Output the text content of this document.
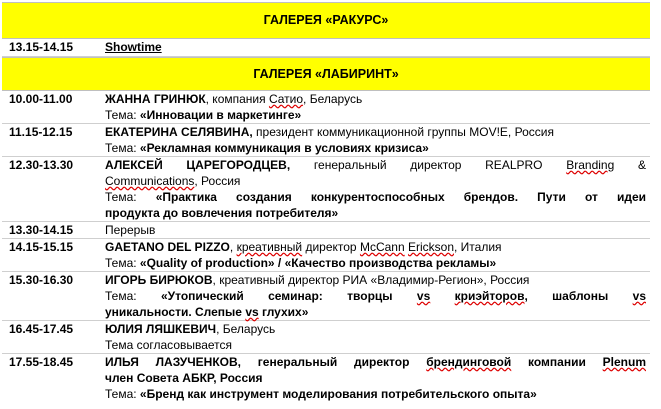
ГАЛЕРЕЯ «РАКУРС»
13.15-14.15	Showtime
ГАЛЕРЕЯ «ЛАБИРИНТ»
10.00-11.00	ЖАННА ГРИНЮК, компания Сатио, Беларусь
Тема: «Инновации в маркетинге»
11.15-12.15	ЕКАТЕРИНА СЕЛЯВИНА, президент коммуникационной группы MOV!E, Россия
Тема: «Рекламная коммуникация в условиях кризиса»
12.30-13.30	АЛЕКСЕЙ ЦАРЕГОРОДЦЕВ, генеральный директор REALPRO Branding &
Communications, Россия
Тема: «Практика создания конкурентоспособных брендов. Пути от идеи
продукта до вовлечения потребителя»
13.30-14.15	Перерыв
14.15-15.15	GAETANO DEL PIZZO, креативный директор McCann Erickson, Италия
Тема: «Quality of production» / «Качество производства рекламы»
15.30-16.30	ИГОРЬ БИРЮКОВ, креативный директор РИА «Владимир-Регион», Россия
Тема: «Утопический семинар: творцы vs криэйторов, шаблоны vs
уникальности. Слепые vs глухих»
16.45-17.45	ЮЛИЯ ЛЯШКЕВИЧ, Беларусь
Тема согласовывается
17.55-18.45	ИЛЬЯ ЛАЗУЧЕНКОВ, генеральный директор брендинговой компании Plenum
член Совета АБКР, Россия
Тема: «Бренд как инструмент моделирования потребительского опыта»
